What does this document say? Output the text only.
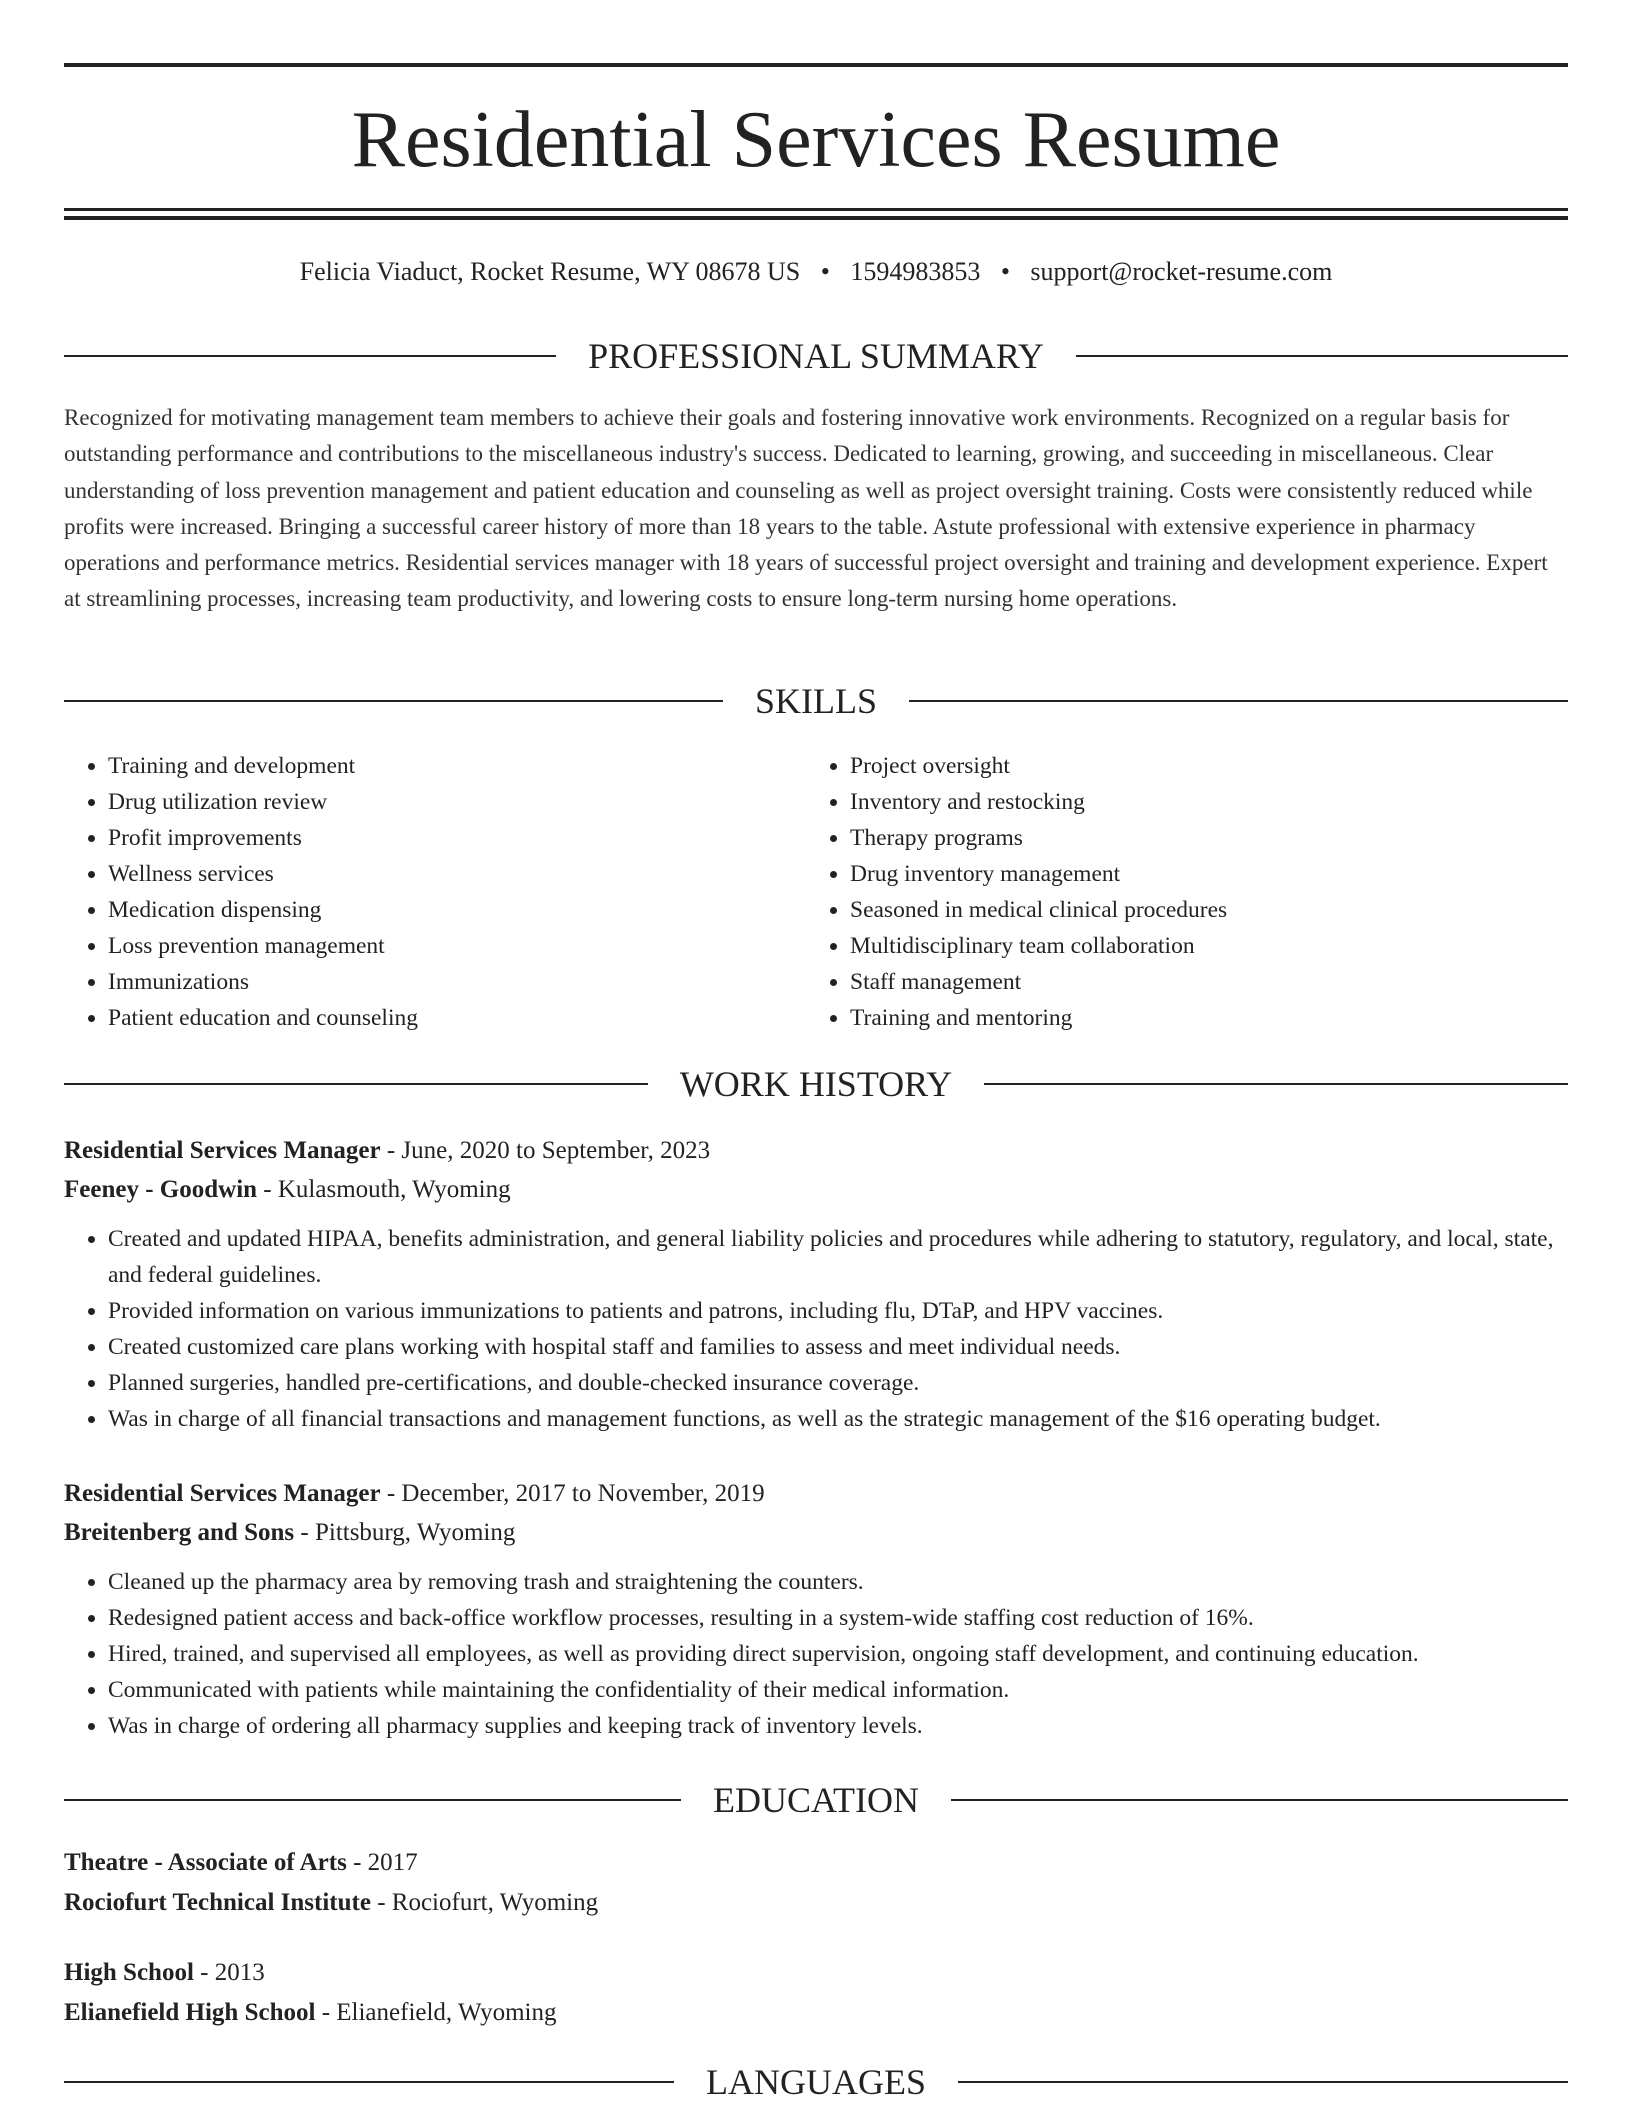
Residential Services Resume
Felicia Viaduct, Rocket Resume, WY 08678 US • 1594983853 • support@rocket-resume.com
PROFESSIONAL SUMMARY

Recognized for motivating management team members to achieve their goals and fostering innovative work environments. Recognized on a regular basis for outstanding performance and contributions to the miscellaneous industry's success. Dedicated to learning, growing, and succeeding in miscellaneous. Clear understanding of loss prevention management and patient education and counseling as well as project oversight training. Costs were consistently reduced while profits were increased. Bringing a successful career history of more than 18 years to the table. Astute professional with extensive experience in pharmacy operations and performance metrics. Residential services manager with 18 years of successful project oversight and training and development experience. Expert at streamlining processes, increasing team productivity, and lowering costs to ensure long-term nursing home operations.

SKILLS
• Training and development
• Drug utilization review
• Profit improvements
• Wellness services
• Medication dispensing
• Loss prevention management
• Immunizations
• Patient education and counseling
• Project oversight
• Inventory and restocking
• Therapy programs
• Drug inventory management
• Seasoned in medical clinical procedures
• Multidisciplinary team collaboration
• Staff management
• Training and mentoring
WORK HISTORY
Residential Services Manager - June, 2020 to September, 2023
Feeney - Goodwin - Kulasmouth, Wyoming
• Created and updated HIPAA, benefits administration, and general liability policies and procedures while adhering to statutory, regulatory, and local, state, and federal guidelines.
• Provided information on various immunizations to patients and patrons, including flu, DTaP, and HPV vaccines.
• Created customized care plans working with hospital staff and families to assess and meet individual needs.
• Planned surgeries, handled pre-certifications, and double-checked insurance coverage.
• Was in charge of all financial transactions and management functions, as well as the strategic management of the $16 operating budget.
Residential Services Manager - December, 2017 to November, 2019
Breitenberg and Sons - Pittsburg, Wyoming
• Cleaned up the pharmacy area by removing trash and straightening the counters.
• Redesigned patient access and back-office workflow processes, resulting in a system-wide staffing cost reduction of 16%.
• Hired, trained, and supervised all employees, as well as providing direct supervision, ongoing staff development, and continuing education.
• Communicated with patients while maintaining the confidentiality of their medical information.
• Was in charge of ordering all pharmacy supplies and keeping track of inventory levels.
EDUCATION
Theatre - Associate of Arts - 2017
Rociofurt Technical Institute - Rociofurt, Wyoming
High School - 2013
Elianefield High School - Elianefield, Wyoming
LANGUAGES
